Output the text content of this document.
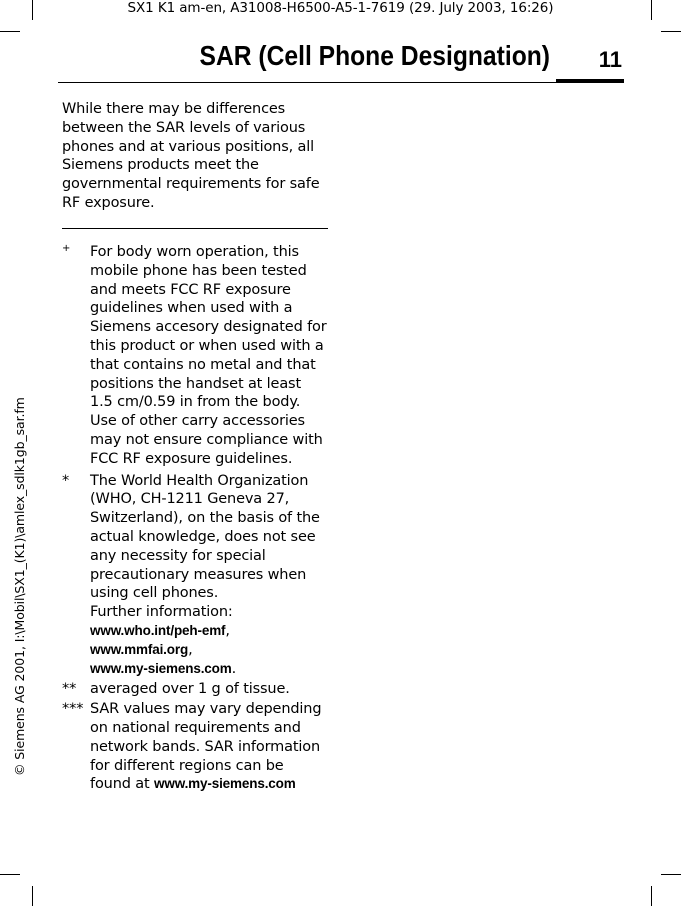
SX1 K1 am-en, A31008-H6500-A5-1-7619 (29. July 2003, 16:26)
SAR (Cell Phone Designation)	11
© Siemens AG 2001, I:\Mobil\SX1_(K1)\amlex_sdlk1gb_sar.fm
While there may be differences between the SAR levels of various phones and at various positions, all Siemens products meet the governmental requirements for safe RF exposure.
+ For body worn operation, this mobile phone has been tested and meets FCC RF exposure guidelines when used with a Siemens accesory designated for this product or when used with a that contains no metal and that positions the handset at least 1.5 cm/0.59 in from the body. Use of other carry accessories may not ensure compliance with FCC RF exposure guidelines.
* The World Health Organization (WHO, CH-1211 Geneva 27, Switzerland), on the basis of the actual knowledge, does not see any necessity for special precautionary measures when using cell phones.
Further information:
www.who.int/peh-emf,
www.mmfai.org,
www.my-siemens.com.
** averaged over 1 g of tissue.
*** SAR values may vary depending on national requirements and network bands. SAR information for different regions can be found at www.my-siemens.com
